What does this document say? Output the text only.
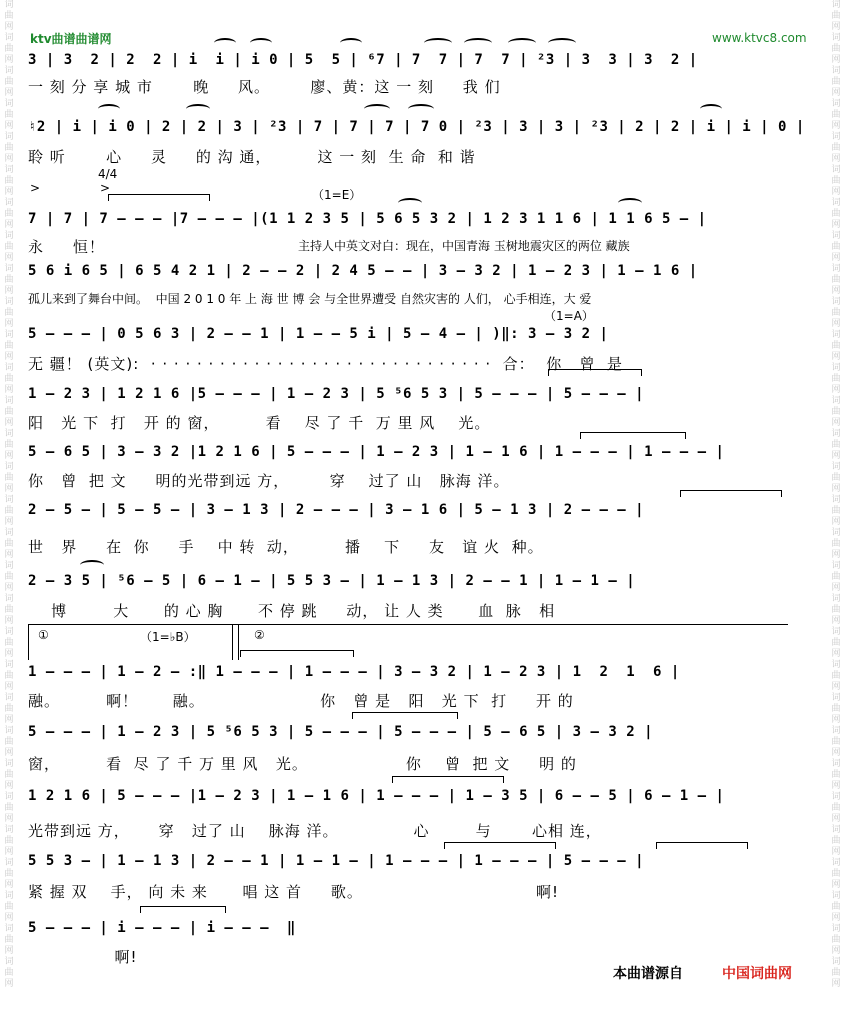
词曲网词曲网词曲网词曲网词曲网词曲网词曲网词曲网词曲网词曲网词曲网词曲网词曲网词曲网词曲网词曲网词曲网词曲网词曲网词曲网词曲网词曲网词曲网词曲网词曲网词曲网词曲网词曲网词曲网词曲网
词曲网词曲网词曲网词曲网词曲网词曲网词曲网词曲网词曲网词曲网词曲网词曲网词曲网词曲网词曲网词曲网词曲网词曲网词曲网词曲网词曲网词曲网词曲网词曲网词曲网词曲网词曲网词曲网词曲网词曲网
ktv曲谱曲谱网	www.ktvc8.com
3 | 3  2 | 2  2 | i  i | i 0 | 5  5 | ⁶7 | 7  7 | 7  7 | ²3 | 3  3 | 3  2 |
一 刻 分 享 城 市       晚     风。       廖、黄：这 一 刻     我 们
♮2 | i | i 0 | 2 | 2 | 3 | ²3 | 7 | 7 | 7 | 7 0 | ²3 | 3 | 3 | ²3 | 2 | 2 | i | i | 0 |
聆 听       心     灵     的 沟 通，        这 一 刻  生 命  和 谐
4/4
>	>	（1=E）
7 | 7 | 7 — — — |7 — — — |(1 1 2 3 5 | 5 6 5 3 2 | 1 2 3 1 1 6 | 1 1 6 5 — |
永     恒！	主持人中英文对白：现在，中国青海 玉树地震灾区的两位 藏族
5 6 i 6 5 | 6 5 4 2 1 | 2 — — 2 | 2 4 5 — — | 3 — 3 2 | 1 — 2 3 | 1 — 1 6 |
孤儿来到了舞台中间。  中国 2 0 1 0 年 上 海 世 博 会 与全世界遭受 自然灾害的 人们， 心手相连，大 爱
（1=A）
5 — — — | 0 5 6 3 | 2 — — 1 | 1 — — 5 i | 5 — 4 — | )‖: 3 — 3 2 |
无 疆！ (英文):  · · · · · · · · · · · · · · · · · · · · · · · · · · · · · ·  合：  你   曾  是
1 — 2 3 | 1 2 1 6 |5 — — — | 1 — 2 3 | 5 ⁵6 5 3 | 5 — — — | 5 — — — |
阳   光 下  打   开 的 窗，        看    尽 了 千  万 里 风    光。
5 — 6 5 | 3 — 3 2 |1 2 1 6 | 5 — — — | 1 — 2 3 | 1 — 1 6 | 1 — — — | 1 — — — |
你   曾  把 文     明的光带到远 方，       穿    过了 山   脉海 洋。
2 — 5 — | 5 — 5 — | 3 — 1 3 | 2 — — — | 3 — 1 6 | 5 — 1 3 | 2 — — — |
世   界     在  你     手    中 转  动，        播    下     友   谊 火  种。
2 — 3 5 | ⁵6 — 5 | 6 — 1 — | 5 5 3 — | 1 — 1 3 | 2 — — 1 | 1 — 1 — |
博        大      的 心 胸      不 停 跳     动， 让 人 类      血  脉   相
①	（1=♭B）	②
1 — — — | 1 — 2 — :‖ 1 — — — | 1 — — — | 3 — 3 2 | 1 — 2 3 | 1  2  1  6 |
融。        啊！      融。                    你   曾 是   阳   光 下  打     开 的
5 — — — | 1 — 2 3 | 5 ⁵6 5 3 | 5 — — — | 5 — — — | 5 — 6 5 | 3 — 3 2 |
窗，        看  尽 了 千 万 里 风   光。                 你    曾  把 文     明 的
1 2 1 6 | 5 — — — |1 — 2 3 | 1 — 1 6 | 1 — — — | 1 — 3 5 | 6 — — 5 | 6 — 1 — |
光带到远 方，     穿   过了 山    脉海 洋。             心        与       心相 连，
5 5 3 — | 1 — 1 3 | 2 — — 1 | 1 — 1 — | 1 — — — | 1 — — — | 5 — — — |
紧 握 双    手， 向 未 来      唱 这 首     歌。                              啊!
5 — — — | i — — — | i — — —  ‖
啊!
本曲谱源自	中国词曲网
